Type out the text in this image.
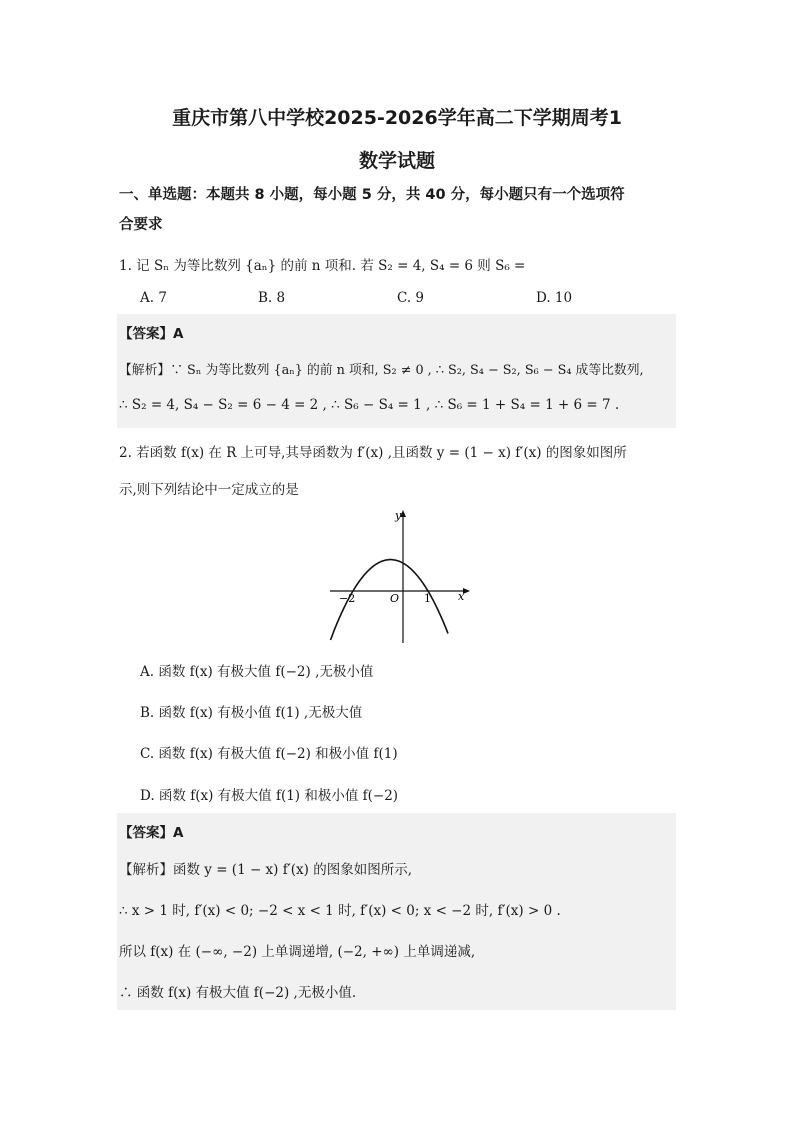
重庆市第八中学校2025-2026学年高二下学期周考1
数学试题
一、单选题：本题共 8 小题，每小题 5 分，共 40 分，每小题只有一个选项符
合要求
1. 记 Sₙ 为等比数列 {aₙ} 的前 n 项和. 若 S₂ = 4, S₄ = 6 则 S₆ =
A. 7	B. 8	C. 9	D. 10
【答案】A
【解析】∵ Sₙ 为等比数列 {aₙ} 的前 n 项和, S₂ ≠ 0 , ∴ S₂, S₄ − S₂, S₆ − S₄ 成等比数列,
∴ S₂ = 4, S₄ − S₂ = 6 − 4 = 2 , ∴ S₆ − S₄ = 1 , ∴ S₆ = 1 + S₄ = 1 + 6 = 7 .
2. 若函数 f(x) 在 R 上可导,其导函数为 f′(x) ,且函数 y = (1 − x) f′(x) 的图象如图所
示,则下列结论中一定成立的是
y
x
O
−2	1
A. 函数 f(x) 有极大值 f(−2) ,无极小值
B. 函数 f(x) 有极小值 f(1) ,无极大值
C. 函数 f(x) 有极大值 f(−2) 和极小值 f(1)
D. 函数 f(x) 有极大值 f(1) 和极小值 f(−2)
【答案】A
【解析】函数 y = (1 − x) f′(x) 的图象如图所示,
∴ x > 1 时, f′(x) < 0; −2 < x < 1 时, f′(x) < 0; x < −2 时, f′(x) > 0 .
所以 f(x) 在 (−∞, −2) 上单调递增, (−2, +∞) 上单调递减,
∴ 函数 f(x) 有极大值 f(−2) ,无极小值.
